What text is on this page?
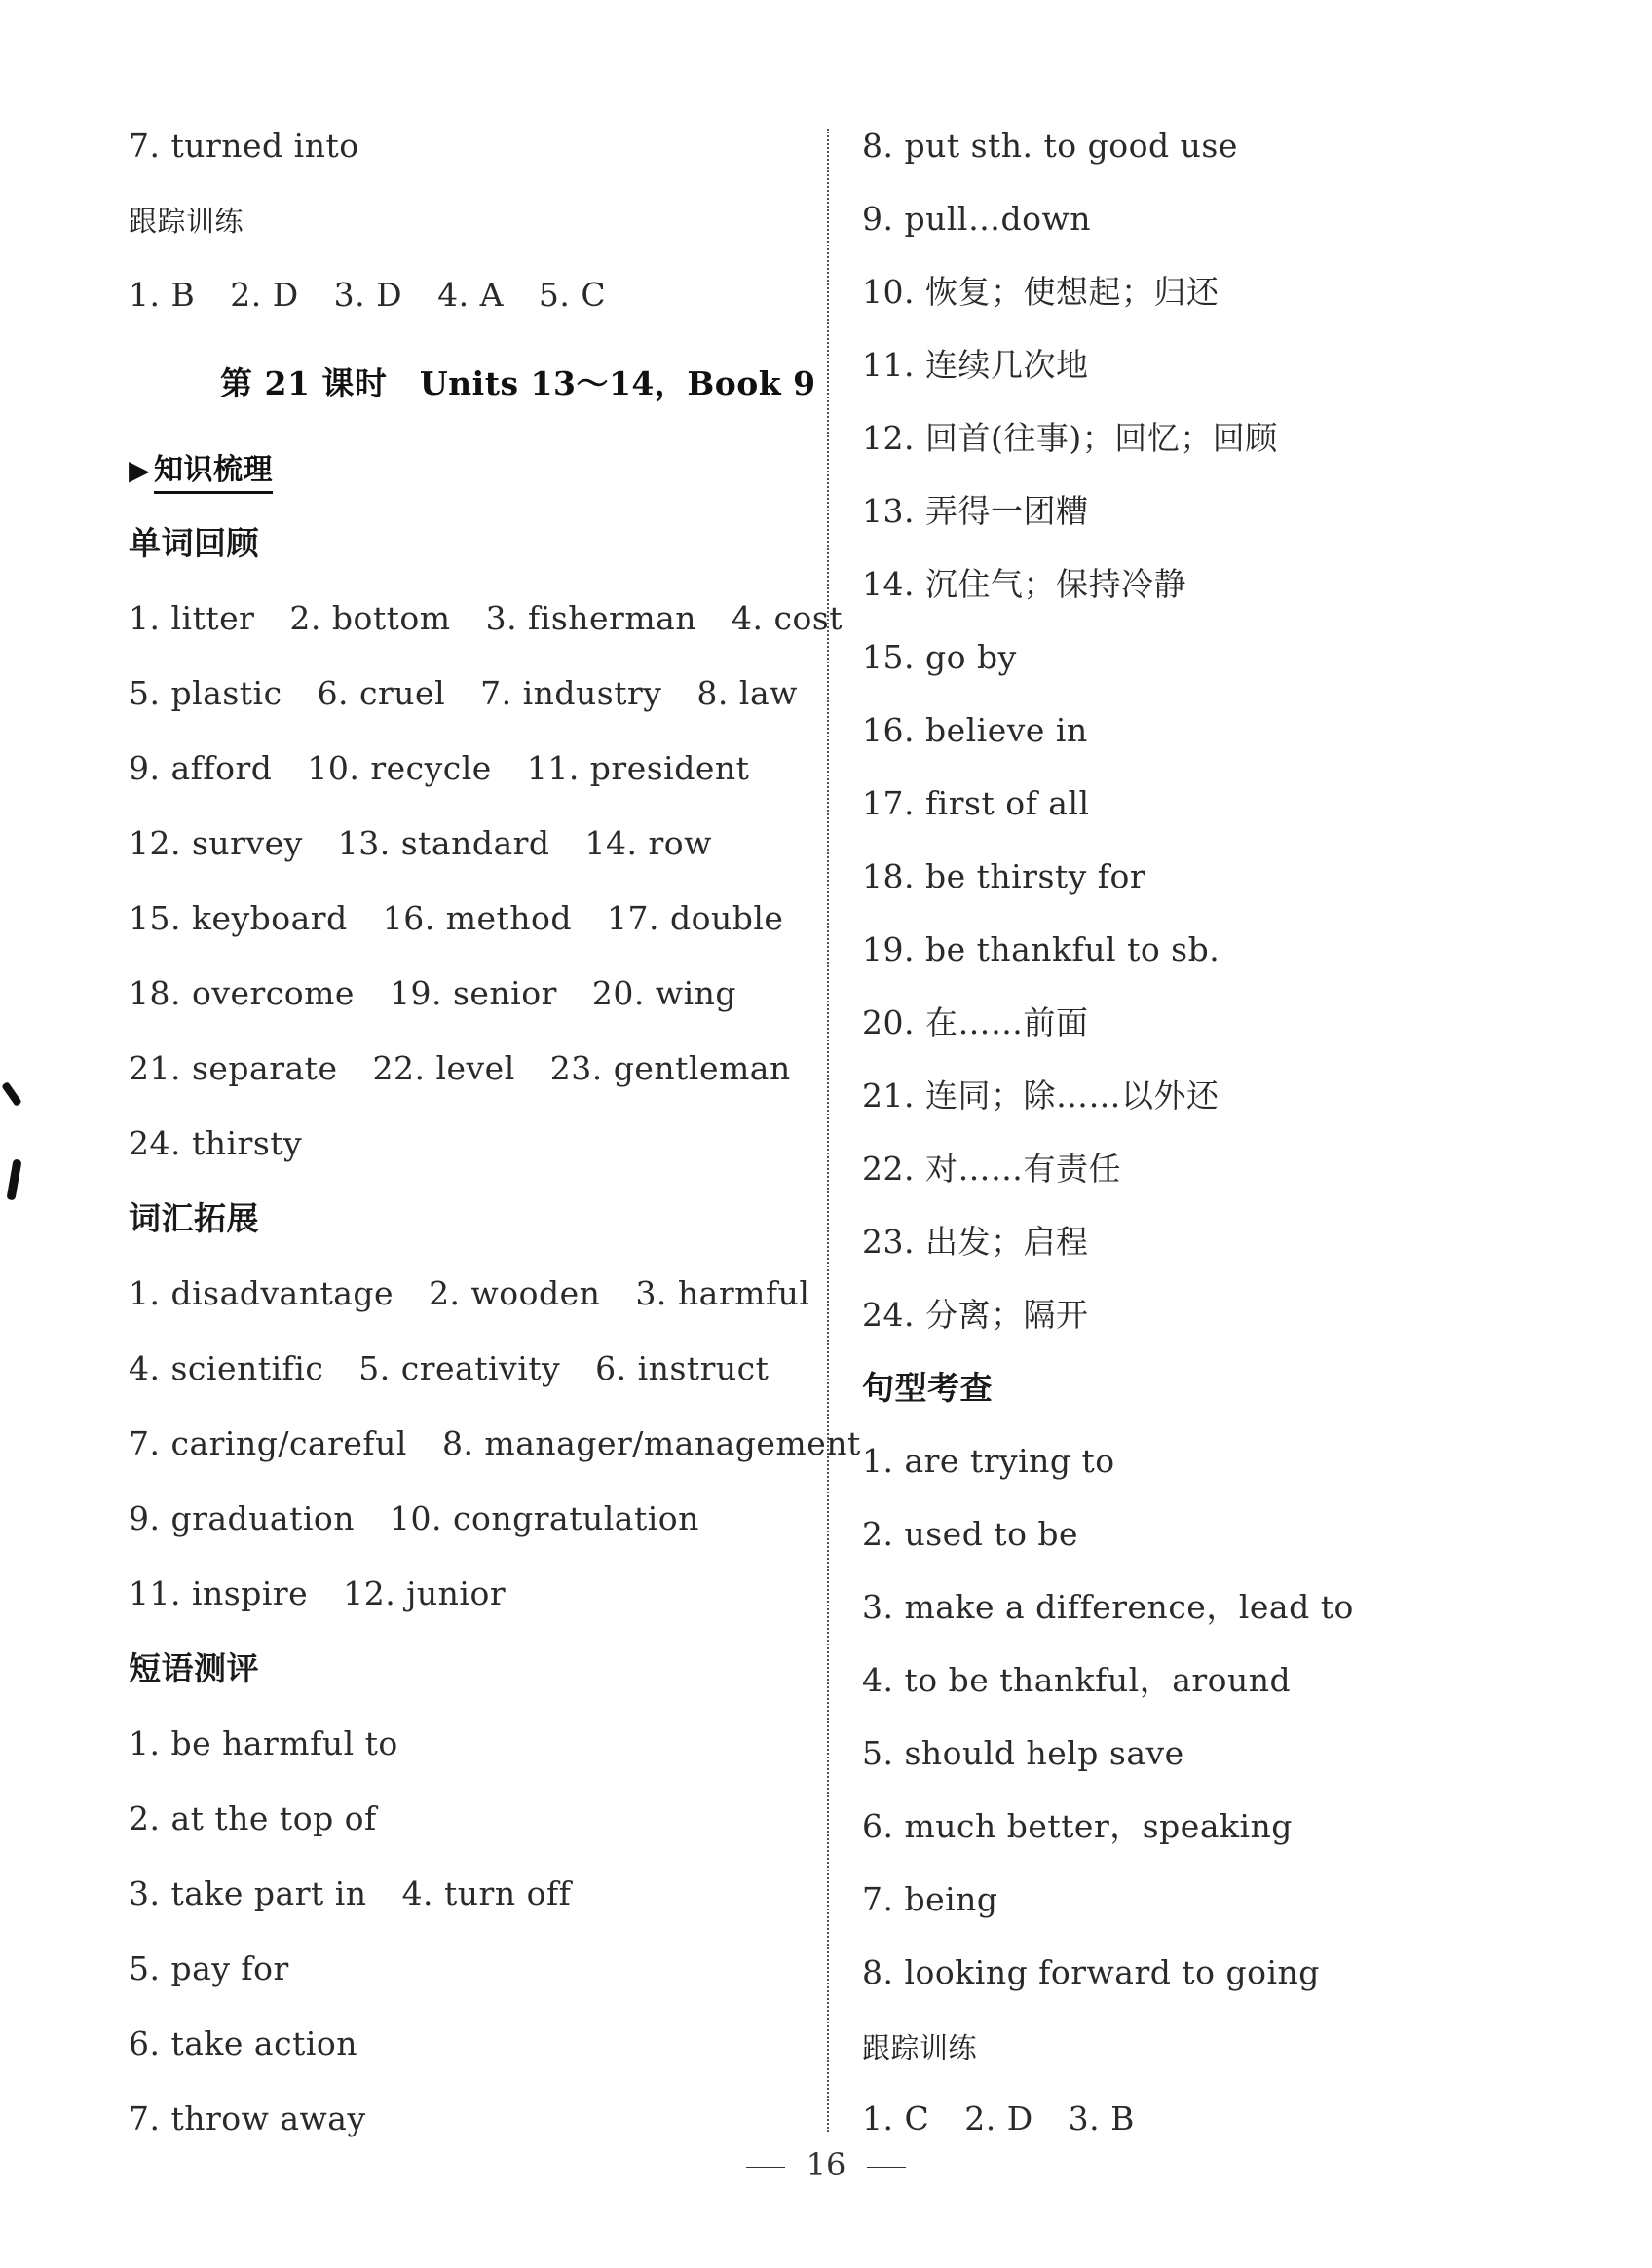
7. turned into
跟踪训练
1. B 2. D 3. D 4. A 5. C
第 21 课时　Units 13～14，Book 9
▶ 知识梳理
单词回顾
1. litter 2. bottom 3. fisherman 4. cost
5. plastic 6. cruel 7. industry 8. law
9. afford 10. recycle 11. president
12. survey 13. standard 14. row
15. keyboard 16. method 17. double
18. overcome 19. senior 20. wing
21. separate 22. level 23. gentleman
24. thirsty
词汇拓展
1. disadvantage 2. wooden 3. harmful
4. scientific 5. creativity 6. instruct
7. caring/careful 8. manager/management
9. graduation 10. congratulation
11. inspire 12. junior
短语测评
1. be harmful to
2. at the top of
3. take part in 4. turn off
5. pay for
6. take action
7. throw away
8. put sth. to good use
9. pull…down
10. 恢复；使想起；归还
11. 连续几次地
12. 回首(往事)；回忆；回顾
13. 弄得一团糟
14. 沉住气；保持冷静
15. go by
16. believe in
17. first of all
18. be thirsty for
19. be thankful to sb.
20. 在……前面
21. 连同；除……以外还
22. 对……有责任
23. 出发；启程
24. 分离；隔开
句型考查
1. are trying to
2. used to be
3. make a difference，lead to
4. to be thankful，around
5. should help save
6. much better，speaking
7. being
8. looking forward to going
跟踪训练
1. C 2. D 3. B
16
